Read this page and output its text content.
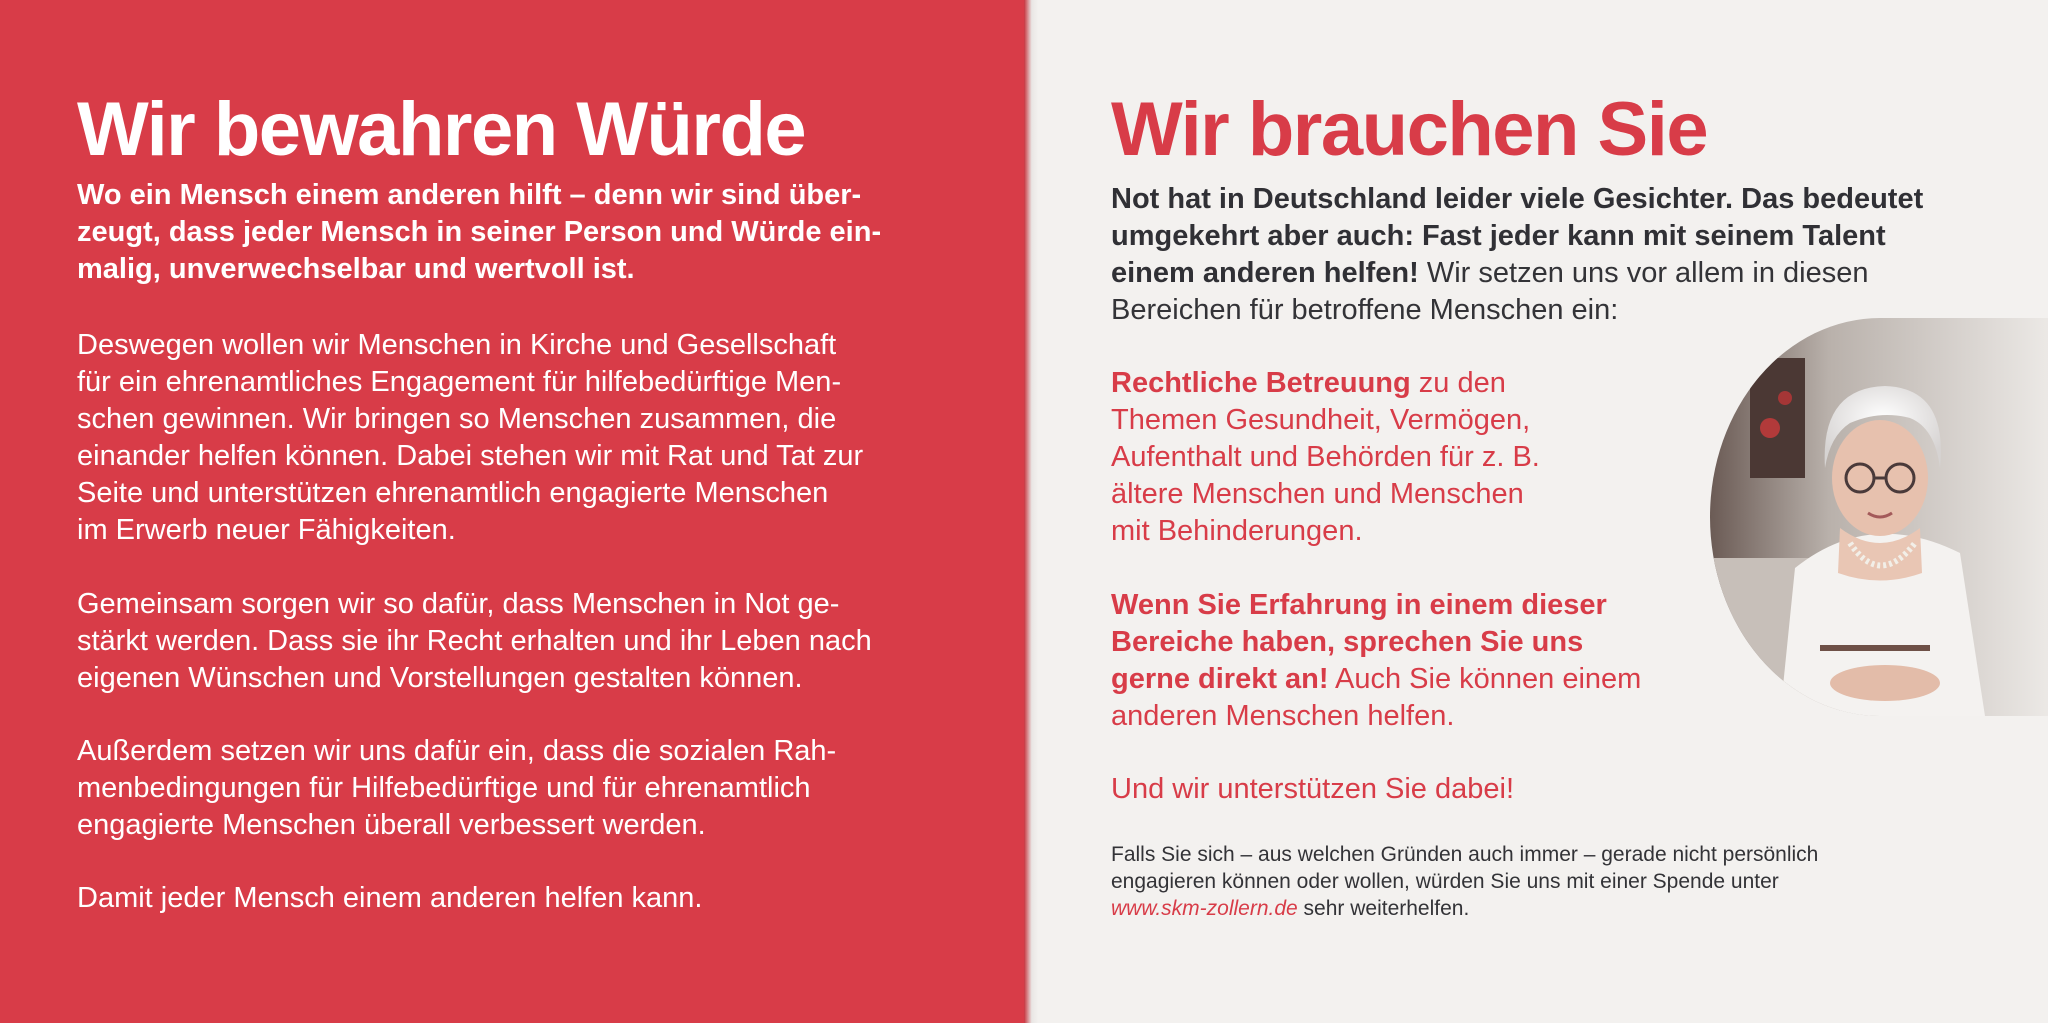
Wir bewahren Würde
Wo ein Mensch einem anderen hilft – denn wir sind über-
zeugt, dass jeder Mensch in seiner Person und Würde ein-
malig, unverwechselbar und wertvoll ist.
Deswegen wollen wir Menschen in Kirche und Gesellschaft
für ein ehrenamtliches Engagement für hilfebedürftige Men-
schen gewinnen. Wir bringen so Menschen zusammen, die
einander helfen können. Dabei stehen wir mit Rat und Tat zur
Seite und unterstützen ehrenamtlich engagierte Menschen
im Erwerb neuer Fähigkeiten.
Gemeinsam sorgen wir so dafür, dass Menschen in Not ge-
stärkt werden. Dass sie ihr Recht erhalten und ihr Leben nach
eigenen Wünschen und Vorstellungen gestalten können.
Außerdem setzen wir uns dafür ein, dass die sozialen Rah-
menbedingungen für Hilfebedürftige und für ehrenamtlich
engagierte Menschen überall verbessert werden.
Damit jeder Mensch einem anderen helfen kann.
Wir brauchen Sie
Not hat in Deutschland leider viele Gesichter. Das bedeutet
umgekehrt aber auch: Fast jeder kann mit seinem Talent
einem anderen helfen! Wir setzen uns vor allem in diesen
Bereichen für betroffene Menschen ein:
Rechtliche Betreuung zu den
Themen Gesundheit, Vermögen,
Aufenthalt und Behörden für z. B.
ältere Menschen und Menschen
mit Behinderungen.
Wenn Sie Erfahrung in einem dieser
Bereiche haben, sprechen Sie uns
gerne direkt an! Auch Sie können einem
anderen Menschen helfen.
Und wir unterstützen Sie dabei!
Falls Sie sich – aus welchen Gründen auch immer – gerade nicht persönlich
engagieren können oder wollen, würden Sie uns mit einer Spende unter
www.skm-zollern.de sehr weiterhelfen.
